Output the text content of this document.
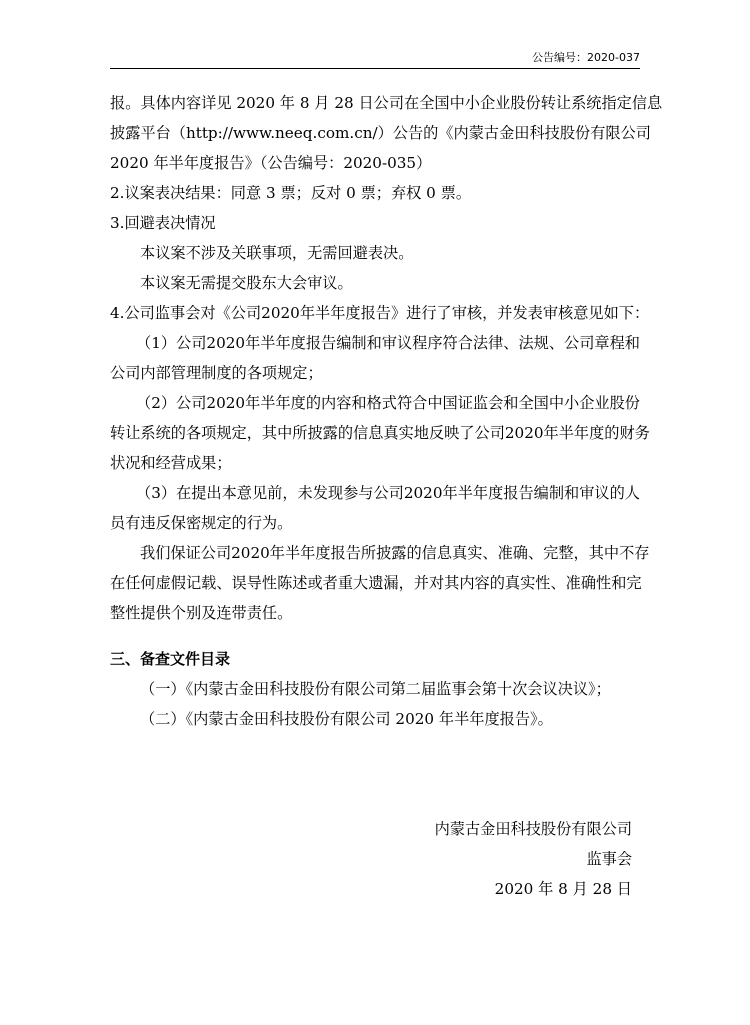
公告编号：2020-037
报。具体内容详见 2020 年 8 月 28 日公司在全国中小企业股份转让系统指定信息
披露平台（http://www.neeq.com.cn/）公告的《内蒙古金田科技股份有限公司
2020 年半年度报告》（公告编号：2020-035）
2.议案表决结果：同意 3 票；反对 0 票；弃权 0 票。
3.回避表决情况
本议案不涉及关联事项，无需回避表决。
本议案无需提交股东大会审议。
4.公司监事会对《公司2020年半年度报告》进行了审核，并发表审核意见如下：
（1）公司2020年半年度报告编制和审议程序符合法律、法规、公司章程和
公司内部管理制度的各项规定；
（2）公司2020年半年度的内容和格式符合中国证监会和全国中小企业股份
转让系统的各项规定，其中所披露的信息真实地反映了公司2020年半年度的财务
状况和经营成果；
（3）在提出本意见前，未发现参与公司2020年半年度报告编制和审议的人
员有违反保密规定的行为。
我们保证公司2020年半年度报告所披露的信息真实、准确、完整，其中不存
在任何虚假记载、误导性陈述或者重大遗漏，并对其内容的真实性、准确性和完
整性提供个别及连带责任。
三、备查文件目录
（一）《内蒙古金田科技股份有限公司第二届监事会第十次会议决议》；
（二）《内蒙古金田科技股份有限公司 2020 年半年度报告》。
内蒙古金田科技股份有限公司
监事会
2020 年 8 月 28 日
